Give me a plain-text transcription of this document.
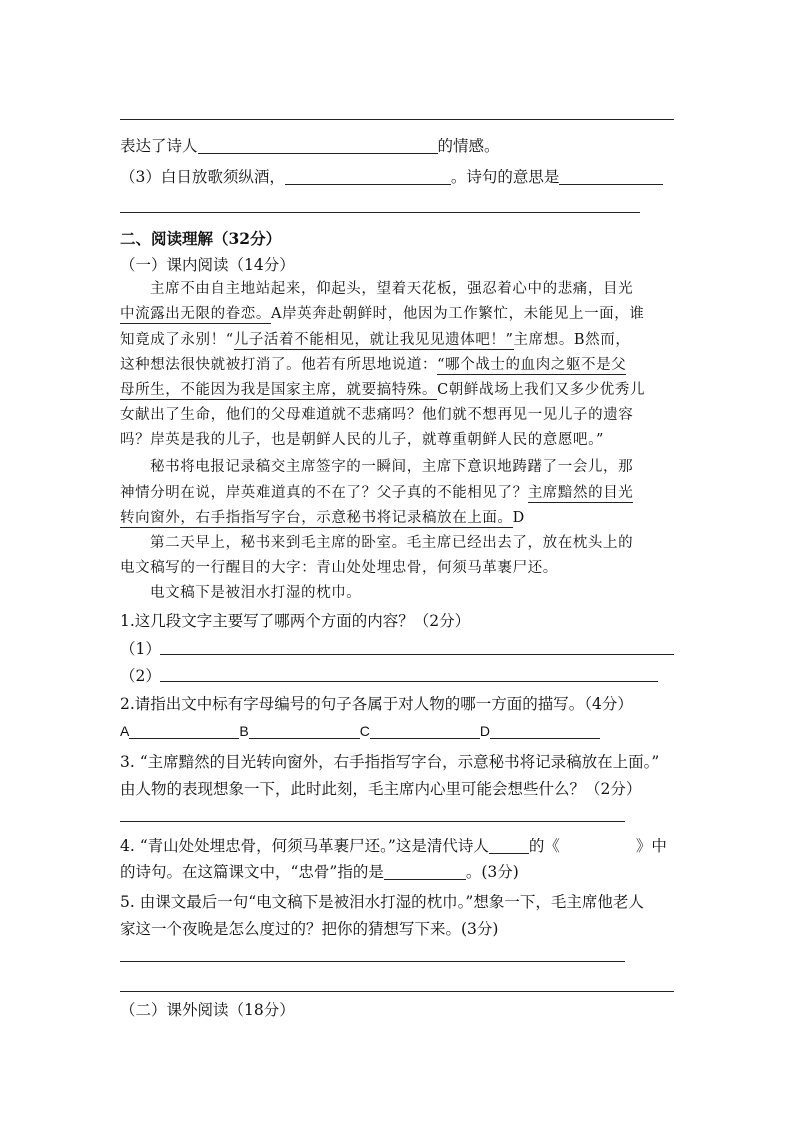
表达了诗人	的情感。
（3）白日放歌须纵酒，	。诗句的意思是
二、阅读理解（32分）
（一）课内阅读（14分）
主席不由自主地站起来，仰起头，望着天花板，强忍着心中的悲痛，目光
中流露出无限的眷恋。A岸英奔赴朝鲜时，他因为工作繁忙，未能见上一面，谁
知竟成了永别！“儿子活着不能相见，就让我见见遗体吧！”主席想。B然而，
这种想法很快就被打消了。他若有所思地说道：“哪个战士的血肉之躯不是父
母所生，不能因为我是国家主席，就要搞特殊。C朝鲜战场上我们又多少优秀儿
女献出了生命，他们的父母难道就不悲痛吗？他们就不想再见一见儿子的遗容
吗？岸英是我的儿子，也是朝鲜人民的儿子，就尊重朝鲜人民的意愿吧。”
秘书将电报记录稿交主席签字的一瞬间，主席下意识地踌躇了一会儿，那
神情分明在说，岸英难道真的不在了？父子真的不能相见了？主席黯然的目光
转向窗外，右手指指写字台，示意秘书将记录稿放在上面。D
第二天早上，秘书来到毛主席的卧室。毛主席已经出去了，放在枕头上的
电文稿写的一行醒目的大字：青山处处埋忠骨，何须马革裹尸还。
电文稿下是被泪水打湿的枕巾。
1.这几段文字主要写了哪两个方面的内容？（2分）
（1）
（2）
2.请指出文中标有字母编号的句子各属于对人物的哪一方面的描写。（4分）
A	B	C	D
3. “主席黯然的目光转向窗外，右手指指写字台，示意秘书将记录稿放在上面。”
由人物的表现想象一下，此时此刻，毛主席内心里可能会想些什么？（2分）
4. “青山处处埋忠骨，何须马革裹尸还。”这是清代诗人	的《	》中
的诗句。在这篇课文中，“忠骨”指的是	。(3分)
5. 由课文最后一句“电文稿下是被泪水打湿的枕巾。”想象一下，毛主席他老人
家这一个夜晚是怎么度过的？把你的猜想写下来。(3分)
（二）课外阅读（18分）
